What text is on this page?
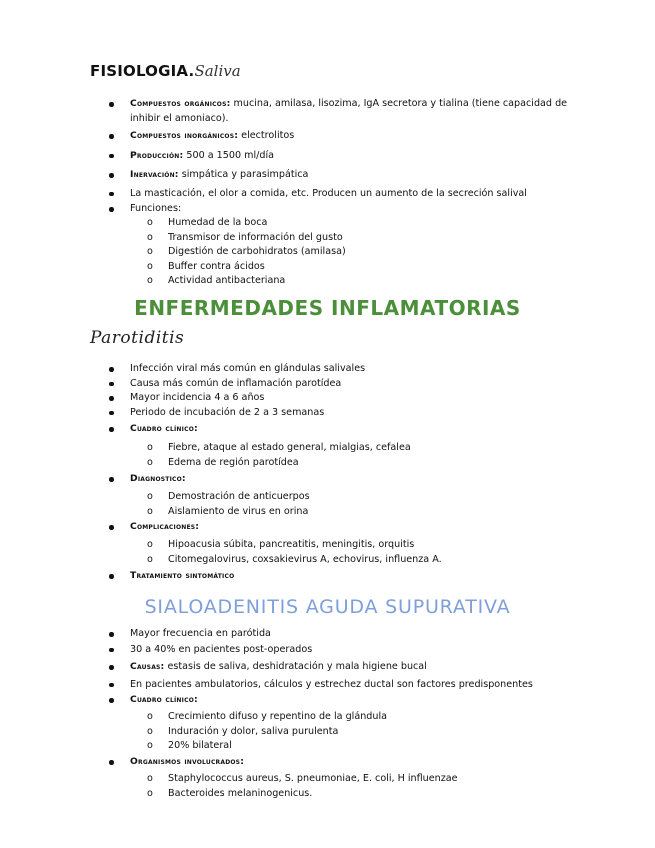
FISIOLOGIA.Saliva
Compuestos orgánicos: mucina, amilasa, lisozima, IgA secretora y tialina (tiene capacidad de
inhibir el amoniaco).
Compuestos inorgánicos: electrolitos
Producción: 500 a 1500 ml/día
Inervación: simpática y parasimpática
La masticación, el olor a comida, etc. Producen un aumento de la secreción salival
Funciones:
o Humedad de la boca
o Transmisor de información del gusto
o Digestión de carbohidratos (amilasa)
o Buffer contra ácidos
o Actividad antibacteriana
ENFERMEDADES INFLAMATORIAS
Parotiditis
Infección viral más común en glándulas salivales
Causa más común de inflamación parotídea
Mayor incidencia 4 a 6 años
Periodo de incubación de 2 a 3 semanas
Cuadro clínico:
o Fiebre, ataque al estado general, mialgias, cefalea
o Edema de región parotídea
Diagnostico:
o Demostración de anticuerpos
o Aislamiento de virus en orina
Complicaciones:
o Hipoacusia súbita, pancreatitis, meningitis, orquitis
o Citomegalovirus, coxsakievirus A, echovirus, influenza A.
Tratamiento sintomático
SIALOADENITIS AGUDA SUPURATIVA
Mayor frecuencia en parótida
30 a 40% en pacientes post-operados
Causas: estasis de saliva, deshidratación y mala higiene bucal
En pacientes ambulatorios, cálculos y estrechez ductal son factores predisponentes
Cuadro clínico:
o Crecimiento difuso y repentino de la glándula
o Induración y dolor, saliva purulenta
o 20% bilateral
Organismos involucrados:
o Staphylococcus aureus, S. pneumoniae, E. coli, H influenzae
o Bacteroides melaninogenicus.
